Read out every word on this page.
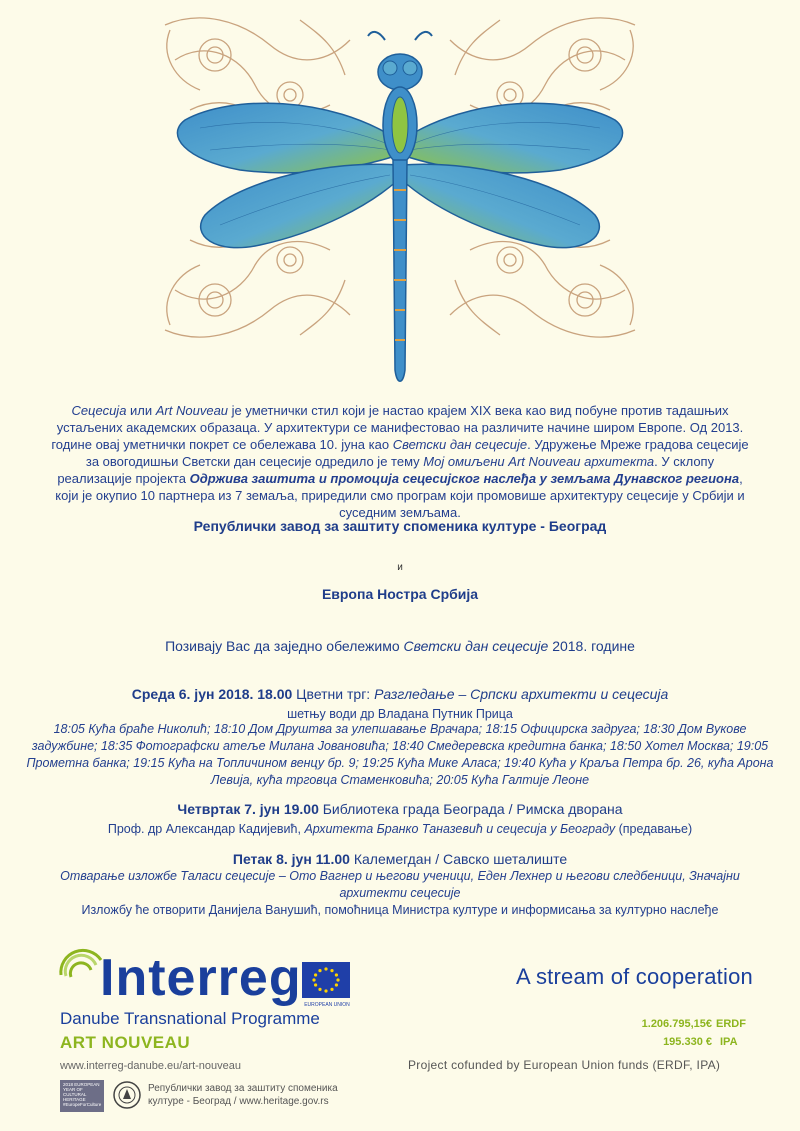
Сецесија или Art Nouveau је уметнички стил који је настао крајем XIX века као вид побуне против тадашњих устаљених академских образаца. У архитектури се манифестовао на различите начине широм Европе. Од 2013. године овај уметнички покрет се обележава 10. јуна као Светски дан сецесије. Удружење Мреже градова сецесије за овогодишњи Светски дан сецесије одредило је тему Мој омиљени Art Nouveau архитекта. У склопу реализације пројекта Одржива заштита и промоција сецесијског наслеђа у земљама Дунавског региона, који је окупио 10 партнера из 7 земаља, приредили смо програм који промовише архитектуру сецесије у Србији и суседним земљама.
Републички завод за заштиту споменика културе - Београд
и
Европа Ностра Србија
Позивају Вас да заједно обележимо Светски дан сецесије 2018. године
Среда 6. јун 2018. 18.00 Цветни трг: Разгледање – Српски архитекти и сецесија
шетњу води др Владана Путник Прица
18:05 Кућа браће Николић; 18:10 Дом Друштва за улепшавање Врачара; 18:15 Официрска задруга; 18:30 Дом Вукове задужбине; 18:35 Фотографски атеље Милана Јовановића; 18:40 Смедеревска кредитна банка; 18:50 Хотел Москва; 19:05 Прометна банка; 19:15 Кућа на Топличином венцу бр. 9; 19:25 Кућа Мике Аласа; 19:40 Кућа у Краља Петра бр. 26, кућа Арона Левија, кућа трговца Стаменковића; 20:05 Кућа Галтије Леоне
Четвртак 7. јун 19.00 Библиотека града Београда / Римска дворана
Проф. др Александар Кадијевић, Архитекта Бранко Таназевић и сецесија у Београду (предавање)
Петак 8. јун 11.00 Калемегдан / Савско шеталиште
Отварање изложбе Таласи сецесије – Ото Вагнер и његови ученици, Еден Лехнер и његови следбеници, Значајни архитекти сецесије
Изложбу ће отворити Данијела Ванушић, помоћница Министра културе и информисања за културно наслеђе
Interreg EUROPEAN UNION
Danube Transnational Programme
ART NOUVEAU
www.interreg-danube.eu/art-nouveau
2018 EUROPEAN YEAR OF CULTURAL HERITAGE #EuropeForCulture
Републички завод за заштиту споменика
културе - Београд / www.heritage.gov.rs
A stream of cooperation
1.206.795,15€ ERDF
195.330 € IPA
Project cofunded by European Union funds (ERDF, IPA)
